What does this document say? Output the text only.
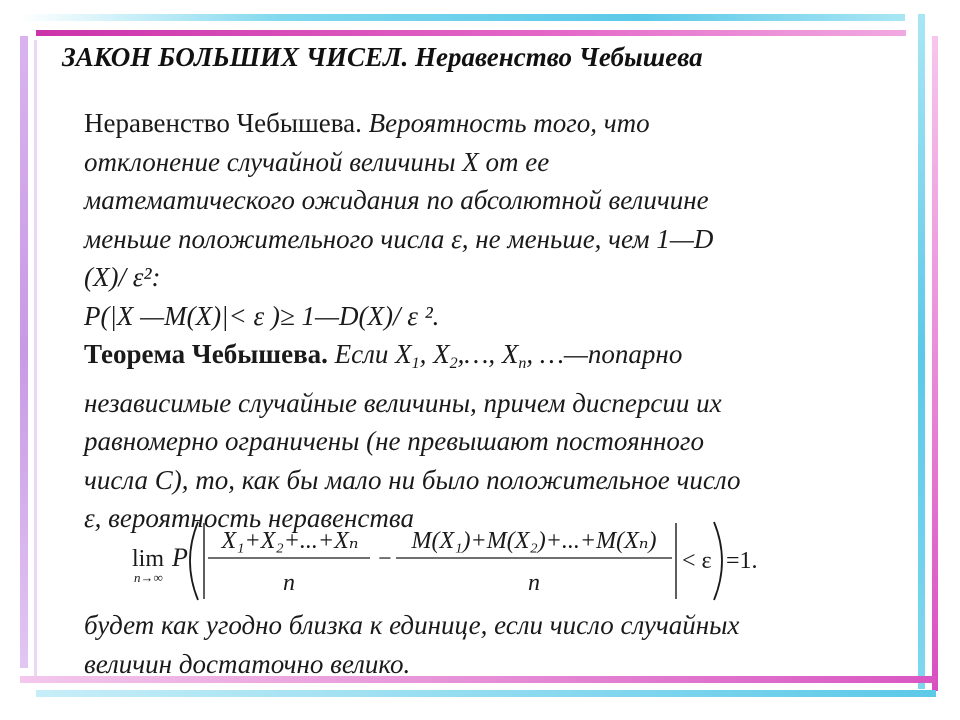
ЗАКОН БОЛЬШИХ ЧИСЕЛ. Неравенство Чебышева
Неравенство Чебышева. Вероятность того, что
отклонение случайной величины X от ее
математического ожидания по абсолютной величине
меньше положительного числа ε, не меньше, чем 1—D
(X)/ ε²:
P(|X —M(X)|< ε )≥ 1—D(X)/ ε ².
Теорема Чебышева. Если $X_1$, $X_2,\dots$, $X_n$, …—попарно
независимые случайные величины, причем дисперсии их
равномерно ограничены (не превышают постоянного
числа C), то, как бы мало ни было положительное число
ε, вероятность неравенства
lim
n→∞
P
X₁+X₂+...+Xₙ
n
−
M(X₁)+M(X₂)+...+M(Xₙ)
n
< ε =1.
будет как угодно близка к единице, если число случайных
величин достаточно велико.
